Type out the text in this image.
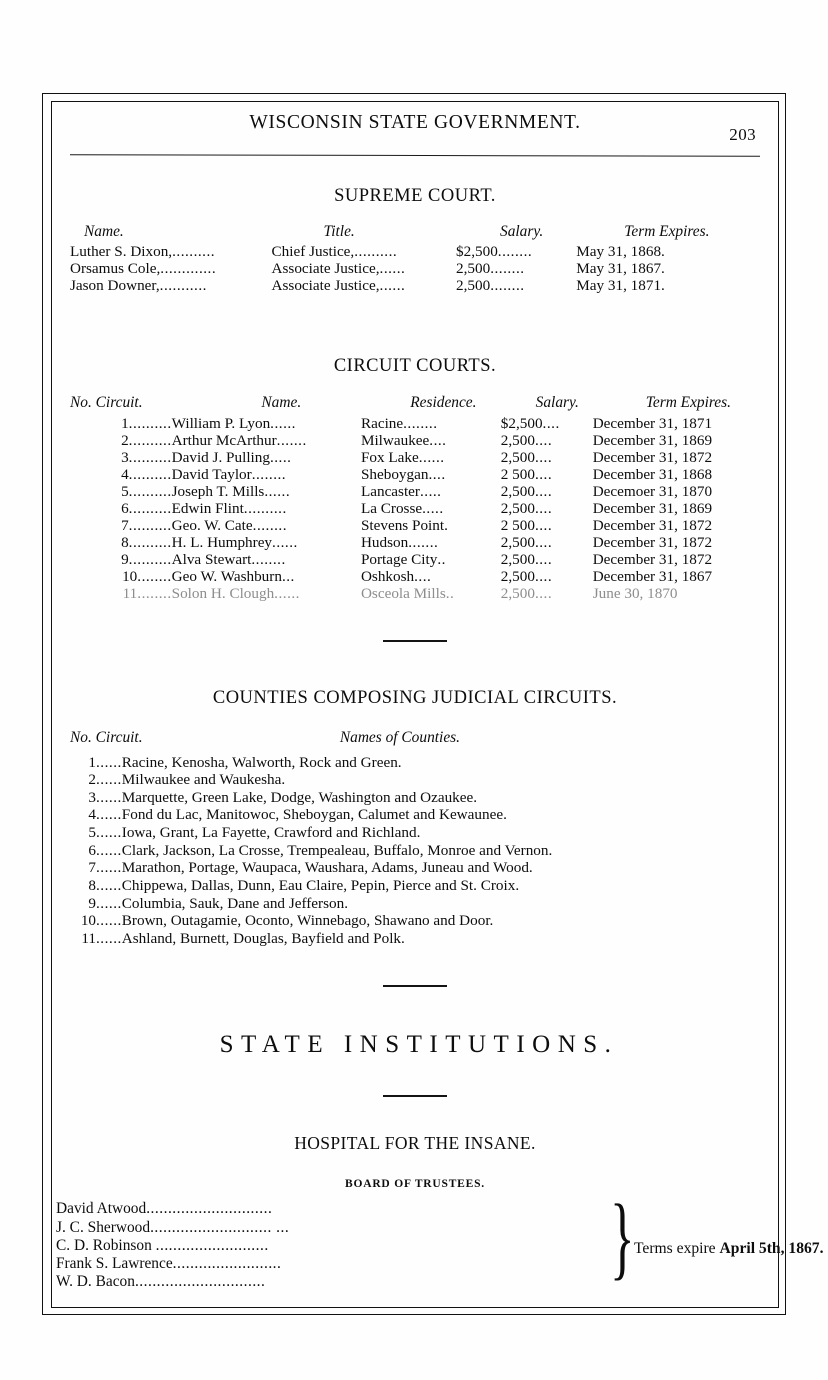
WISCONSIN STATE GOVERNMENT.
203
SUPREME COURT.
Name.	Title.	Salary.	Term Expires.
Luther S. Dixon,..........	Chief Justice,..........	$2,500........	May 31, 1868.
Orsamus Cole,.............	Associate Justice,......	2,500........	May 31, 1867.
Jason Downer,...........	Associate Justice,......	2,500........	May 31, 1871.
CIRCUIT COURTS.
No. Circuit.	Name.	Residence.	Salary.	Term Expires.
1..........	William P. Lyon......	Racine........	$2,500....	December 31, 1871
2..........	Arthur McArthur.......	Milwaukee....	2,500....	December 31, 1869
3..........	David J. Pulling.....	Fox Lake......	2,500....	December 31, 1872
4..........	David Taylor........	Sheboygan....	2 500....	December 31, 1868
5..........	Joseph T. Mills......	Lancaster.....	2,500....	Decemoer 31, 1870
6..........	Edwin Flint..........	La Crosse.....	2,500....	December 31, 1869
7..........	Geo. W. Cate........	Stevens Point.	2 500....	December 31, 1872
8..........	H. L. Humphrey......	Hudson.......	2,500....	December 31, 1872
9..........	Alva Stewart........	Portage City..	2,500....	December 31, 1872
10........	Geo W. Washburn...	Oshkosh....	2,500....	December 31, 1867
11........	Solon H. Clough......	Osceola Mills..	2,500....	June 30, 1870
COUNTIES COMPOSING JUDICIAL CIRCUITS.
No. Circuit.	Names of Counties.
1......Racine, Kenosha, Walworth, Rock and Green.
2......Milwaukee and Waukesha.
3......Marquette, Green Lake, Dodge, Washington and Ozaukee.
4......Fond du Lac, Manitowoc, Sheboygan, Calumet and Kewaunee.
5......Iowa, Grant, La Fayette, Crawford and Richland.
6......Clark, Jackson, La Crosse, Trempealeau, Buffalo, Monroe and Vernon.
7......Marathon, Portage, Waupaca, Waushara, Adams, Juneau and Wood.
8......Chippewa, Dallas, Dunn, Eau Claire, Pepin, Pierce and St. Croix.
9......Columbia, Sauk, Dane and Jefferson.
10......Brown, Outagamie, Oconto, Winnebago, Shawano and Door.
11......Ashland, Burnett, Douglas, Bayfield and Polk.
STATE INSTITUTIONS.
HOSPITAL FOR THE INSANE.
BOARD OF TRUSTEES.
David Atwood.............................
J. C. Sherwood............................ ...
C. D. Robinson ..........................
Frank S. Lawrence.........................
W. D. Bacon..............................	} Terms expire April 5th, 1867.
